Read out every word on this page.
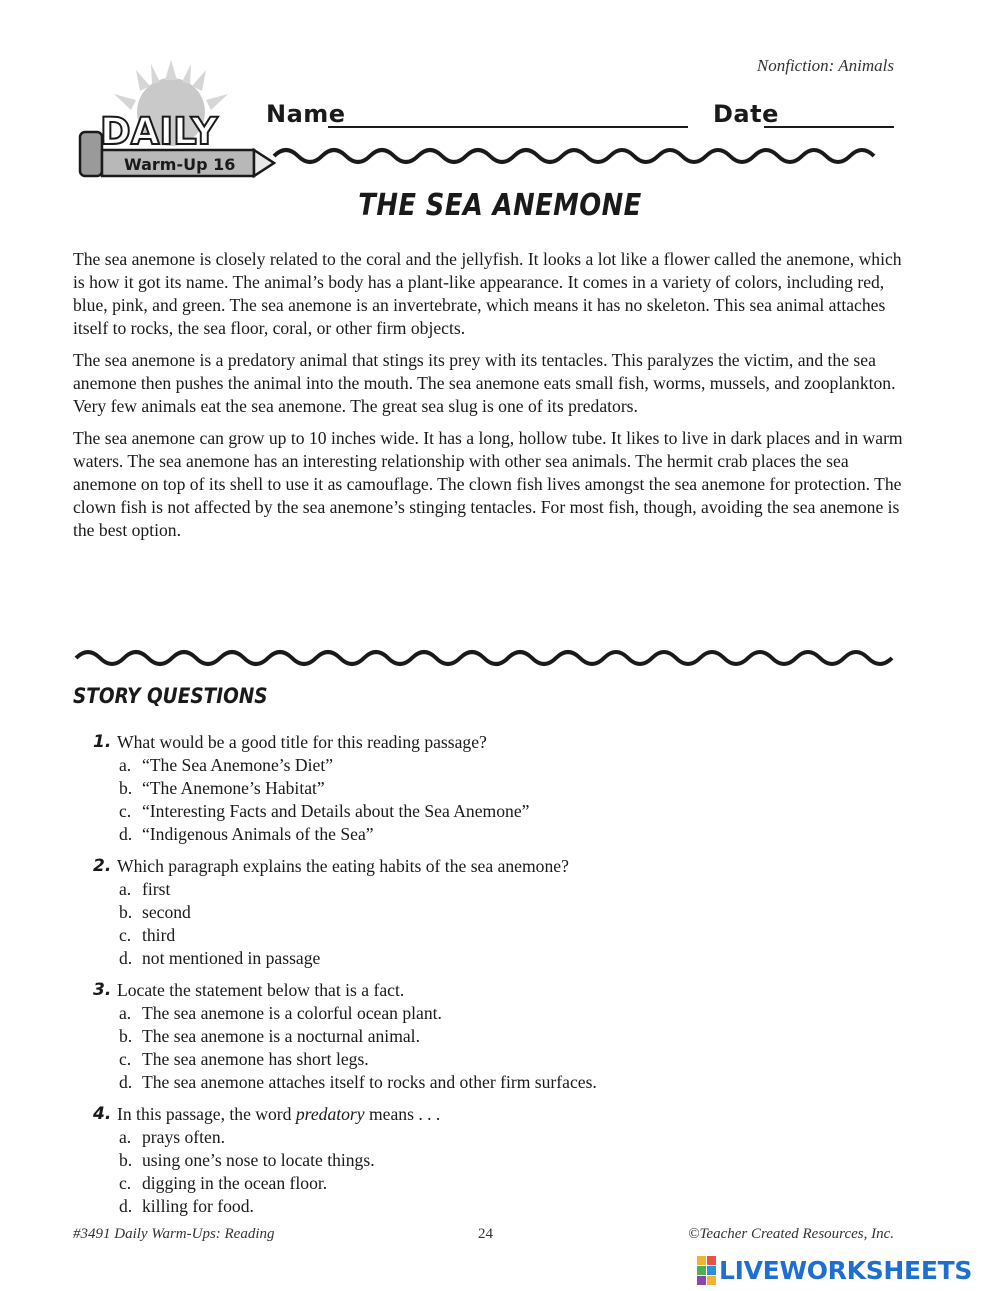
Nonfiction: Animals
Warm-Up 16
DAILY Name	Date
THE SEA ANEMONE

The sea anemone is closely related to the coral and the jellyfish. It looks a lot like a flower called the anemone, which is how it got its name. The animal’s body has a plant-like appearance. It comes in a variety of colors, including red, blue, pink, and green. The sea anemone is an invertebrate, which means it has no skeleton. This sea animal attaches itself to rocks, the sea floor, coral, or other firm objects.

The sea anemone is a predatory animal that stings its prey with its tentacles. This paralyzes the victim, and the sea anemone then pushes the animal into the mouth. The sea anemone eats small fish, worms, mussels, and zooplankton. Very few animals eat the sea anemone. The great sea slug is one of its predators.

The sea anemone can grow up to 10 inches wide. It has a long, hollow tube. It likes to live in dark places and in warm waters. The sea anemone has an interesting relationship with other sea animals. The hermit crab places the sea anemone on top of its shell to use it as camouflage. The clown fish lives amongst the sea anemone for protection. The clown fish is not affected by the sea anemone’s stinging tentacles. For most fish, though, avoiding the sea anemone is the best option.

STORY QUESTIONS
1. What would be a good title for this reading passage?
a. “The Sea Anemone’s Diet”
b. “The Anemone’s Habitat”
c. “Interesting Facts and Details about the Sea Anemone”
d. “Indigenous Animals of the Sea”
2. Which paragraph explains the eating habits of the sea anemone?
a. first
b. second
c. third
d. not mentioned in passage
3. Locate the statement below that is a fact.
a. The sea anemone is a colorful ocean plant.
b. The sea anemone is a nocturnal animal.
c. The sea anemone has short legs.
d. The sea anemone attaches itself to rocks and other firm surfaces.
4. In this passage, the word predatory means . . .
a. prays often.
b. using one’s nose to locate things.
c. digging in the ocean floor.
d. killing for food.
#3491 Daily Warm-Ups: Reading	24	©Teacher Created Resources, Inc.
LIVEWORKSHEETS
